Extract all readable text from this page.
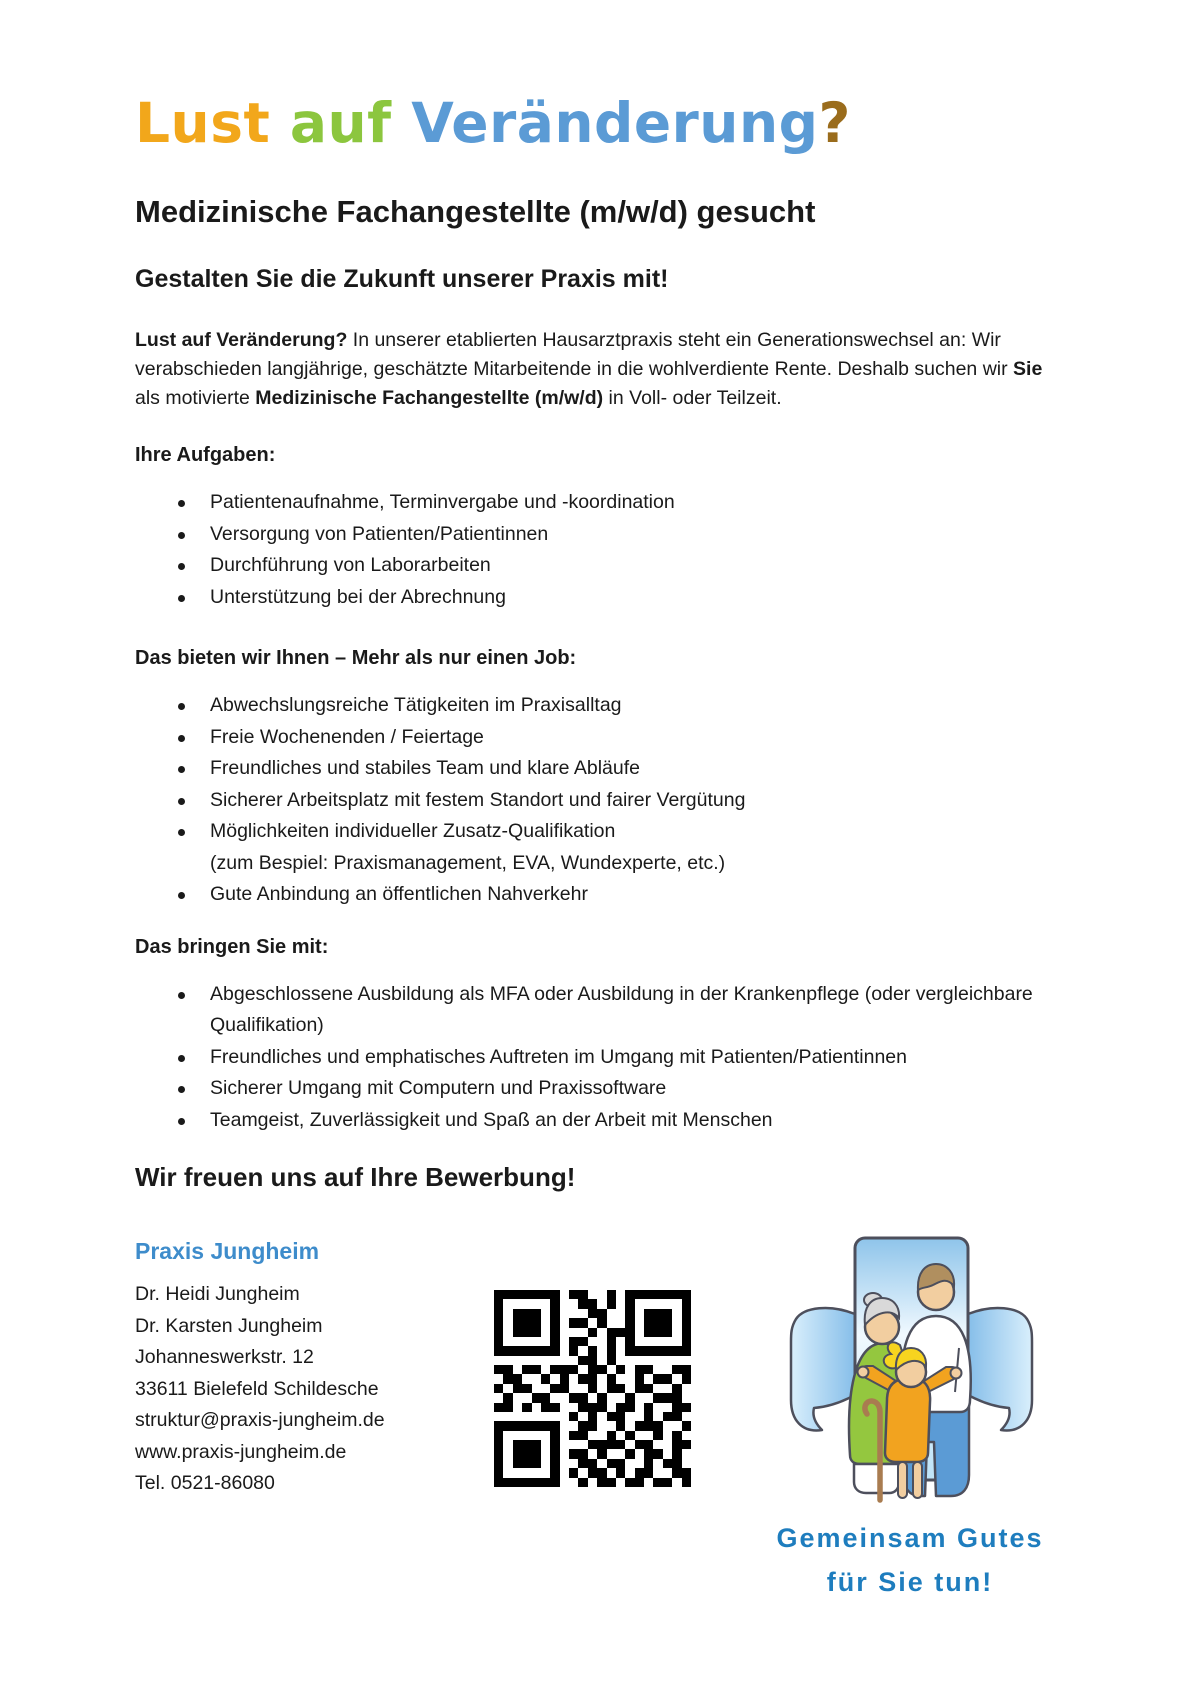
Lust auf Veränderung?
Medizinische Fachangestellte (m/w/d) gesucht
Gestalten Sie die Zukunft unserer Praxis mit!

Lust auf Veränderung? In unserer etablierten Hausarztpraxis steht ein Generationswechsel an: Wir verabschieden langjährige, geschätzte Mitarbeitende in die wohlverdiente Rente. Deshalb suchen wir Sie als motivierte Medizinische Fachangestellte (m/w/d) in Voll- oder Teilzeit.

Ihre Aufgaben:
Patientenaufnahme, Terminvergabe und -koordination
Versorgung von Patienten/Patientinnen
Durchführung von Laborarbeiten
Unterstützung bei der Abrechnung
Das bieten wir Ihnen – Mehr als nur einen Job:
Abwechslungsreiche Tätigkeiten im Praxisalltag
Freie Wochenenden / Feiertage
Freundliches und stabiles Team und klare Abläufe
Sicherer Arbeitsplatz mit festem Standort und fairer Vergütung
Möglichkeiten individueller Zusatz-Qualifikation
(zum Bespiel: Praxismanagement, EVA, Wundexperte, etc.)
Gute Anbindung an öffentlichen Nahverkehr
Das bringen Sie mit:
Abgeschlossene Ausbildung als MFA oder Ausbildung in der Krankenpflege (oder vergleichbare Qualifikation)
Freundliches und emphatisches Auftreten im Umgang mit Patienten/Patientinnen
Sicherer Umgang mit Computern und Praxissoftware
Teamgeist, Zuverlässigkeit und Spaß an der Arbeit mit Menschen
Wir freuen uns auf Ihre Bewerbung!
Praxis Jungheim
Dr. Heidi Jungheim
Dr. Karsten Jungheim
Johanneswerkstr. 12
33611 Bielefeld Schildesche
struktur@praxis-jungheim.de
www.praxis-jungheim.de
Tel. 0521-86080
Gemeinsam Gutes
für Sie tun!
